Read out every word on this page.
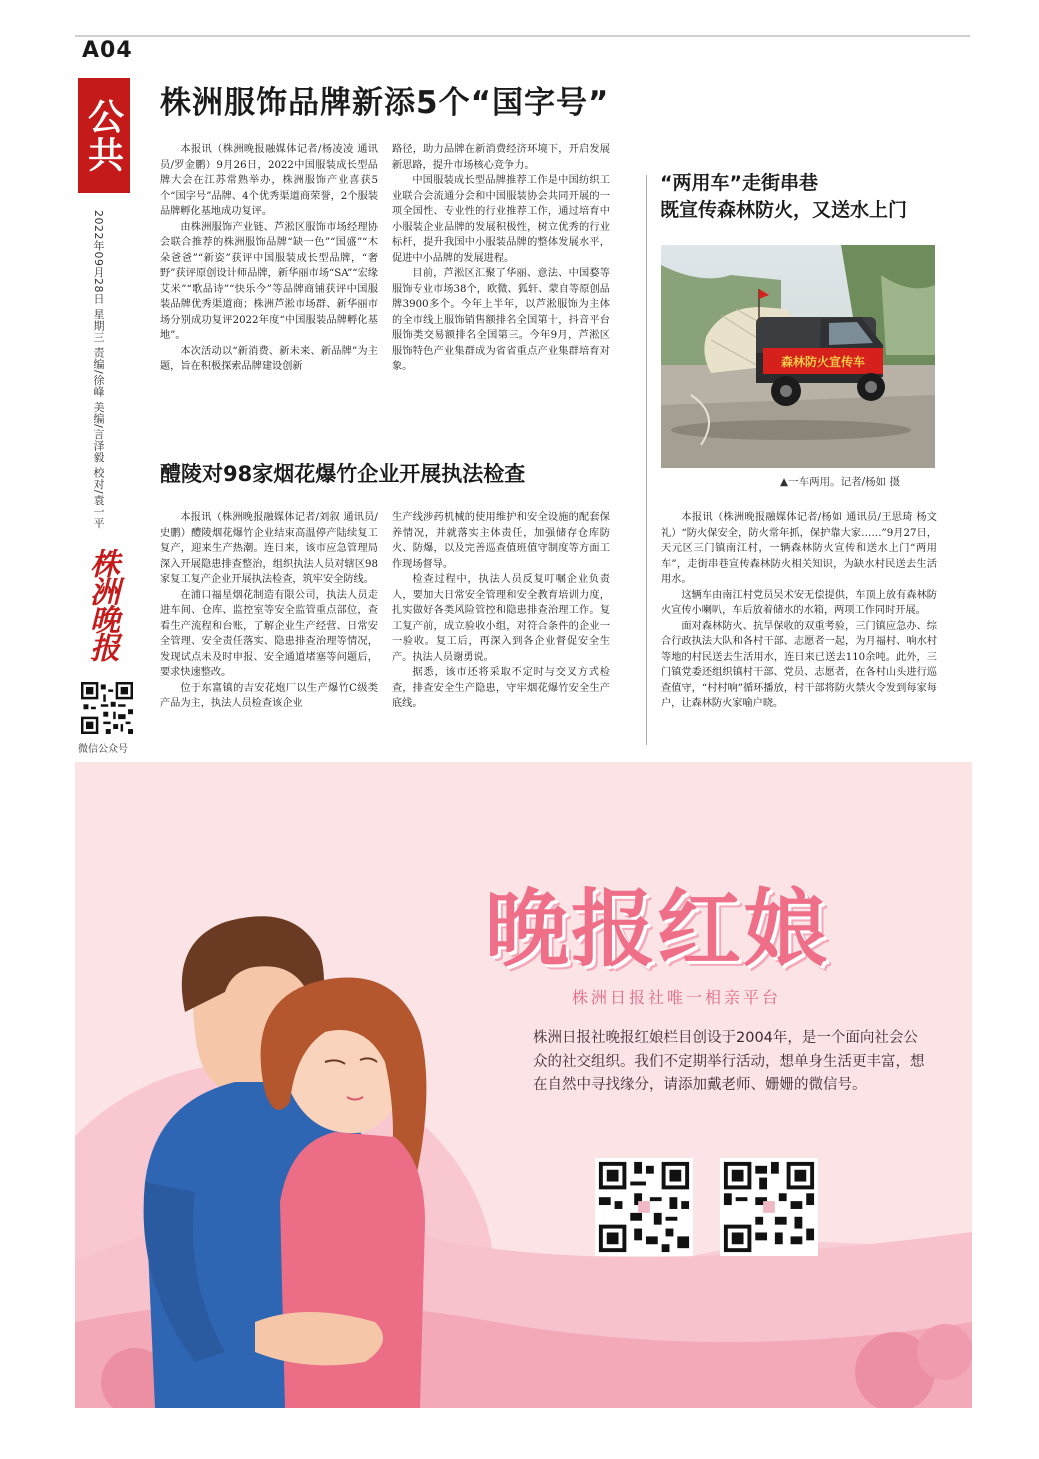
A04
公共
2022年09月28日 星期三 责编/徐峰 美编/言泽毅 校对/袁一平
株洲晚报
微信公众号
株洲服饰品牌新添5个“国字号”

本报讯（株洲晚报融媒体记者/杨凌凌 通讯员/罗金鹏）9月26日，2022中国服装成长型品牌大会在江苏常熟举办，株洲服饰产业喜获5个“国字号”品牌、4个优秀渠道商荣誉，2个服装品牌孵化基地成功复评。

由株洲服饰产业链、芦淞区服饰市场经理协会联合推荐的株洲服饰品牌“缺一色”“国盛”“木朵爸爸”“新姿”获评中国服装成长型品牌，“奢野”获评原创设计师品牌，新华丽市场“SA”“宏缘艾米”“歌品诗”“快乐今”等品牌商铺获评中国服装品牌优秀渠道商；株洲芦淞市场群、新华丽市场分别成功复评2022年度“中国服装品牌孵化基地”。

本次活动以“新消费、新未来、新品牌”为主题，旨在积极探索品牌建设创新

路径，助力品牌在新消费经济环境下，开启发展新思路，提升市场核心竞争力。

中国服装成长型品牌推荐工作是中国纺织工业联合会流通分会和中国服装协会共同开展的一项全国性、专业性的行业推荐工作，通过培育中小服装企业品牌的发展积极性，树立优秀的行业标杆，提升我国中小服装品牌的整体发展水平，促进中小品牌的发展进程。

目前，芦淞区汇聚了华丽、意法、中国婺等服饰专业市场38个，欧微、狐轩、蒙自等原创品牌3900多个。今年上半年，以芦淞服饰为主体的全市线上服饰销售额排名全国第十，抖音平台服饰类交易额排名全国第三。今年9月，芦淞区服饰特色产业集群成为省省重点产业集群培育对象。

醴陵对98家烟花爆竹企业开展执法检查

本报讯（株洲晚报融媒体记者/刘叙 通讯员/史鹏）醴陵烟花爆竹企业结束高温停产陆续复工复产，迎来生产热潮。连日来，该市应急管理局深入开展隐患排查整治，组织执法人员对辖区98家复工复产企业开展执法检查，筑牢安全防线。

在浦口福星烟花制造有限公司，执法人员走进车间、仓库、监控室等安全监管重点部位，查看生产流程和台账，了解企业生产经营、日常安全管理、安全责任落实、隐患排查治理等情况，发现试点未及时申报、安全通道堵塞等问题后，要求快速整改。

位于东富镇的吉安花炮厂以生产爆竹C级类产品为主，执法人员检查该企业

生产线涉药机械的使用维护和安全设施的配套保养情况，并就落实主体责任，加强储存仓库防火、防爆，以及完善巡查值班值守制度等方面工作现场督导。

检查过程中，执法人员反复叮嘱企业负责人，要加大日常安全管理和安全教育培训力度，扎实做好各类风险管控和隐患排查治理工作。复工复产前，成立验收小组，对符合条件的企业一一验收。复工后，再深入到各企业督促安全生产。执法人员谢勇说。

据悉，该市还将采取不定时与交叉方式检查，排查安全生产隐患，守牢烟花爆竹安全生产底线。

“两用车”走街串巷
既宣传森林防火，又送水上门
森林防火宣传车
▲一车两用。记者/杨如 摄

本报讯（株洲晚报融媒体记者/杨如 通讯员/王思琦 杨文礼）“防火保安全，防火常年抓，保护靠大家……”9月27日，天元区三门镇南江村，一辆森林防火宣传和送水上门“两用车”，走街串巷宣传森林防火相关知识，为缺水村民送去生活用水。

这辆车由南江村党员吴术安无偿提供，车顶上放有森林防火宣传小喇叭，车后放着储水的水箱，两项工作同时开展。

面对森林防火、抗旱保收的双重考验，三门镇应急办、综合行政执法大队和各村干部、志愿者一起，为月福村、响水村等地的村民送去生活用水，连日来已送去110余吨。此外，三门镇党委还组织镇村干部、党员、志愿者，在各村山头进行巡查值守，“村村响”循环播放，村干部将防火禁火令发到每家每户，让森林防火家喻户晓。

晚报红娘
株洲日报社唯一相亲平台
株洲日报社晚报红娘栏目创设于2004年，是一个面向社会公众的社交组织。我们不定期举行活动，想单身生活更丰富，想在自然中寻找缘分，请添加戴老师、姗姗的微信号。
